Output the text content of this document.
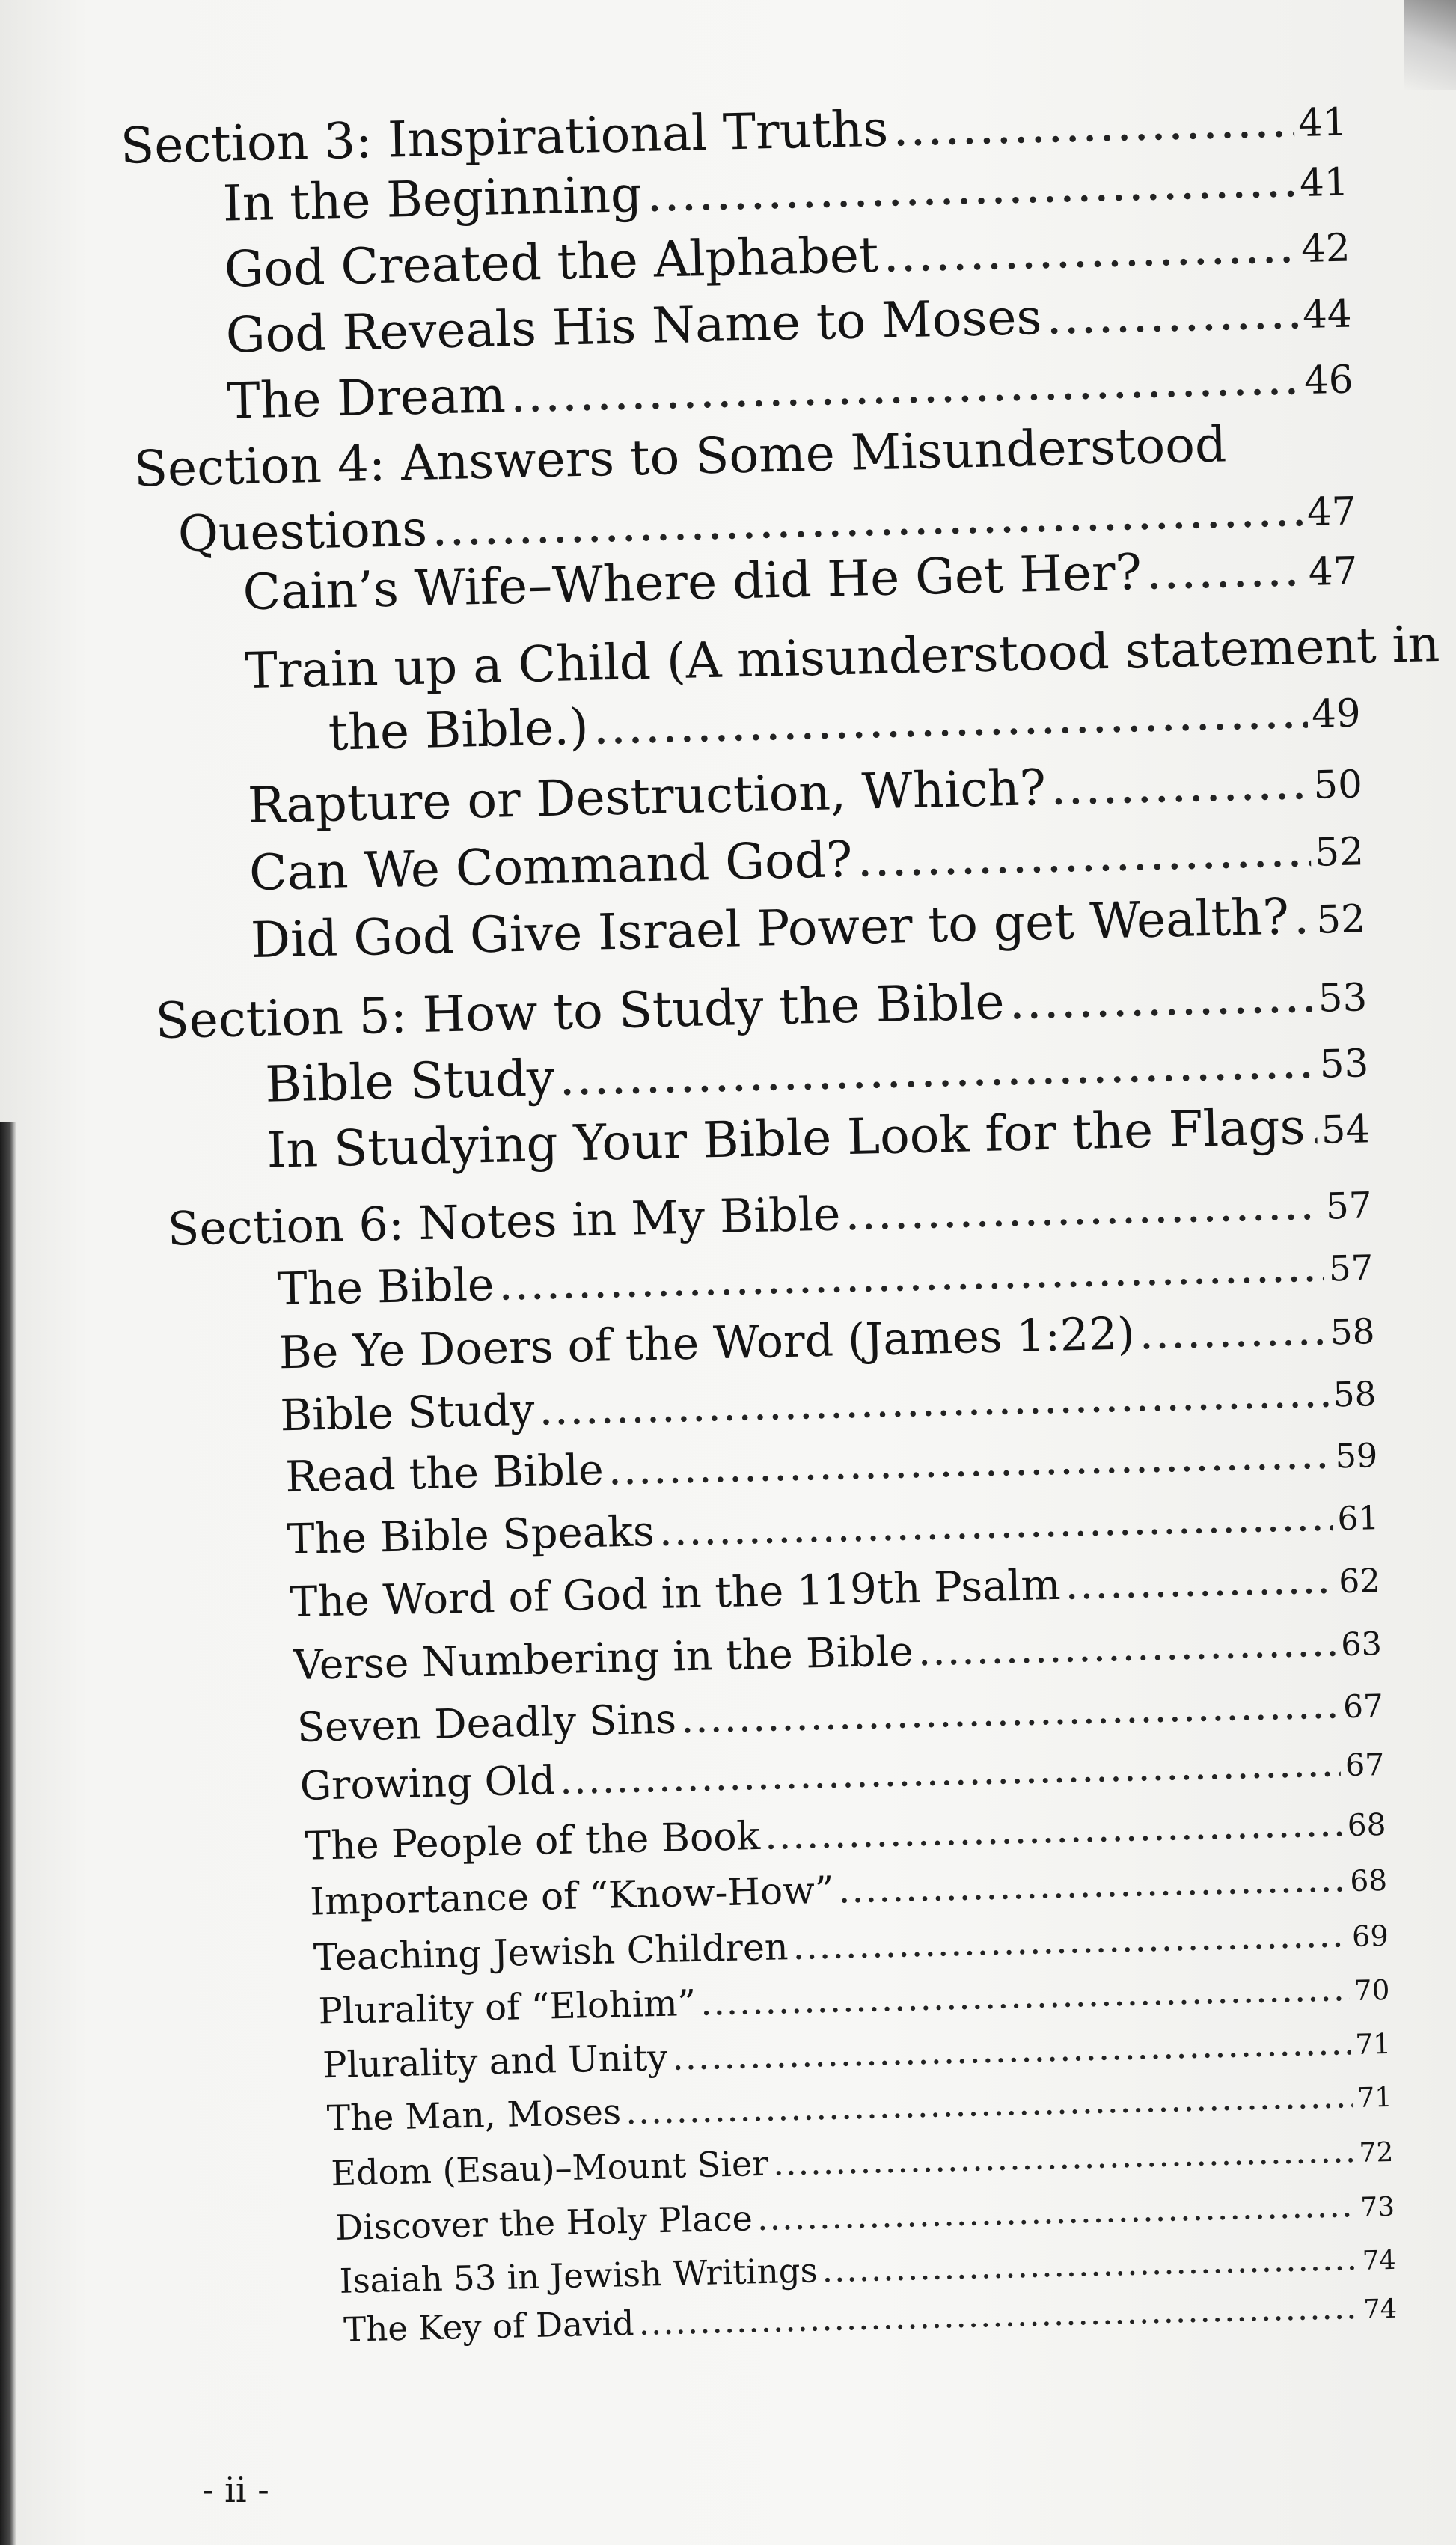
Section 3: Inspirational Truths .....	41
In the Beginning .....	41
God Created the Alphabet .....	42
God Reveals His Name to Moses .....	44
The Dream .....	46
Section 4: Answers to Some Misunderstood
Questions .....	47
Cain’s Wife–Where did He Get Her? .....	47
Train up a Child (A misunderstood statement in
the Bible.) .....	49
Rapture or Destruction, Which? .....	50
Can We Command God? .....	52
Did God Give Israel Power to get Wealth? ..... 52
Section 5: How to Study the Bible .....	53
Bible Study .....	53
In Studying Your Bible Look for the Flags ..... 54
Section 6: Notes in My Bible .....	57
The Bible .....	57
Be Ye Doers of the Word (James 1:22) .....	58
Bible Study .....	58
Read the Bible .....	59
The Bible Speaks .....	61
The Word of God in the 119th Psalm .....	62
Verse Numbering in the Bible .....	63
Seven Deadly Sins .....	67
Growing Old .....	67
The People of the Book .....	68
Importance of “Know-How” .....	68
Teaching Jewish Children .....	69
Plurality of “Elohim” .....	70
Plurality and Unity .....	71
The Man, Moses .....	71
Edom (Esau)–Mount Sier .....	72
Discover the Holy Place .....	73
Isaiah 53 in Jewish Writings .....	74
The Key of David .....	74
- ii -
